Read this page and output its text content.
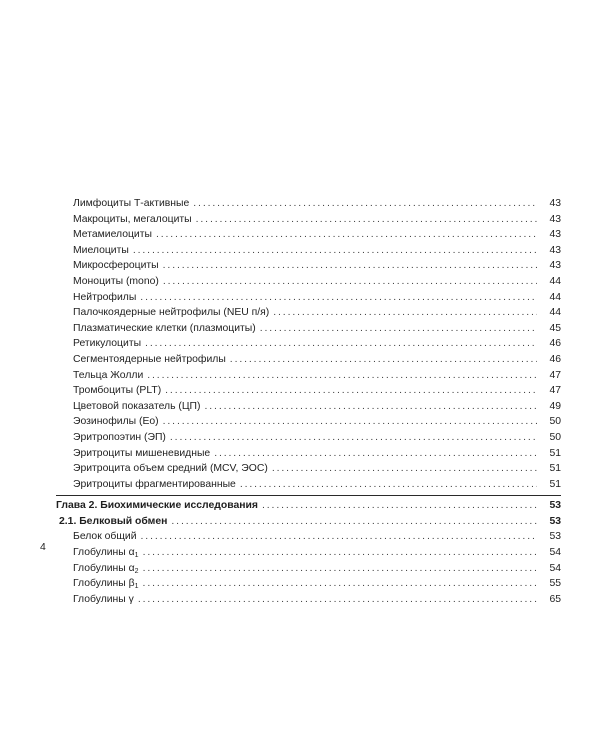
Лимфоциты Т-активные . . .	43
Макроциты, мегалоциты . . .	43
Метамиелоциты . . .	43
Миелоциты . . .	43
Микросфероциты . . .	43
Моноциты (mono) . . .	44
Нейтрофилы . . .	44
Палочкоядерные нейтрофилы (NEU п/я) . . .	44
Плазматические клетки (плазмоциты) . . .	45
Ретикулоциты . . .	46
Сегментоядерные нейтрофилы . . .	46
Тельца Жолли . . .	47
Тромбоциты (PLT) . . .	47
Цветовой показатель (ЦП) . . .	49
Эозинофилы (Eo) . . .	50
Эритропоэтин (ЭП) . . .	50
Эритроциты мишеневидные . . .	51
Эритроцита объем средний (MCV, ЭОС) . . .	51
Эритроциты фрагментированные . . .	51
Глава 2. Биохимические исследования . . .	53
2.1. Белковый обмен . . .	53
Белок общий . . .	53
Глобулины $\alpha_1$ . . .	54
Глобулины $\alpha_2$ . . .	54
Глобулины $\beta_1$ . . .	55
Глобулины γ . . .	65
4
